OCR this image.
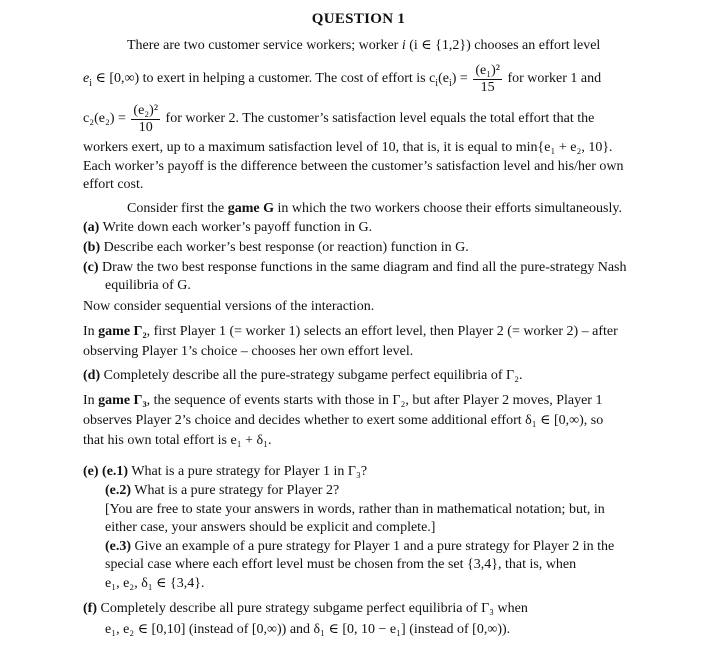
QUESTION 1
There are two customer service workers; worker i (i ∈ {1,2}) chooses an effort level
$e_i$ ∈ [0,∞) to exert in helping a customer. The cost of effort is $c_i(e_i) = \frac{\text{(e₁)²}}{15}$ for worker 1 and
$c_2(e_2) = \frac{\text{(e₂)²}}{10}$ for worker 2. The customer’s satisfaction level equals the total effort that the
workers exert, up to a maximum satisfaction level of 10, that is, it is equal to min{e₁ + e₂, 10}.
Each worker’s payoff is the difference between the customer’s satisfaction level and his/her own
effort cost.
Consider first the game G in which the two workers choose their efforts simultaneously.
(a) Write down each worker’s payoff function in G.
(b) Describe each worker’s best response (or reaction) function in G.
(c) Draw the two best response functions in the same diagram and find all the pure-strategy Nash
equilibria of G.
Now consider sequential versions of the interaction.
In game Γ₂, first Player 1 (= worker 1) selects an effort level, then Player 2 (= worker 2) – after
observing Player 1’s choice – chooses her own effort level.
(d) Completely describe all the pure-strategy subgame perfect equilibria of Γ₂.
In game Γ₃, the sequence of events starts with those in Γ₂, but after Player 2 moves, Player 1
observes Player 2’s choice and decides whether to exert some additional effort δ₁ ∈ [0,∞), so
that his own total effort is e₁ + δ₁.
(e) (e.1) What is a pure strategy for Player 1 in Γ₃?
(e.2) What is a pure strategy for Player 2?
[You are free to state your answers in words, rather than in mathematical notation; but, in
either case, your answers should be explicit and complete.]
(e.3) Give an example of a pure strategy for Player 1 and a pure strategy for Player 2 in the
special case where each effort level must be chosen from the set {3,4}, that is, when
e₁, e₂, δ₁ ∈ {3,4}.
(f) Completely describe all pure strategy subgame perfect equilibria of Γ₃ when
e₁, e₂ ∈ [0,10] (instead of [0,∞)) and δ₁ ∈ [0, 10 − e₁] (instead of [0,∞)).
